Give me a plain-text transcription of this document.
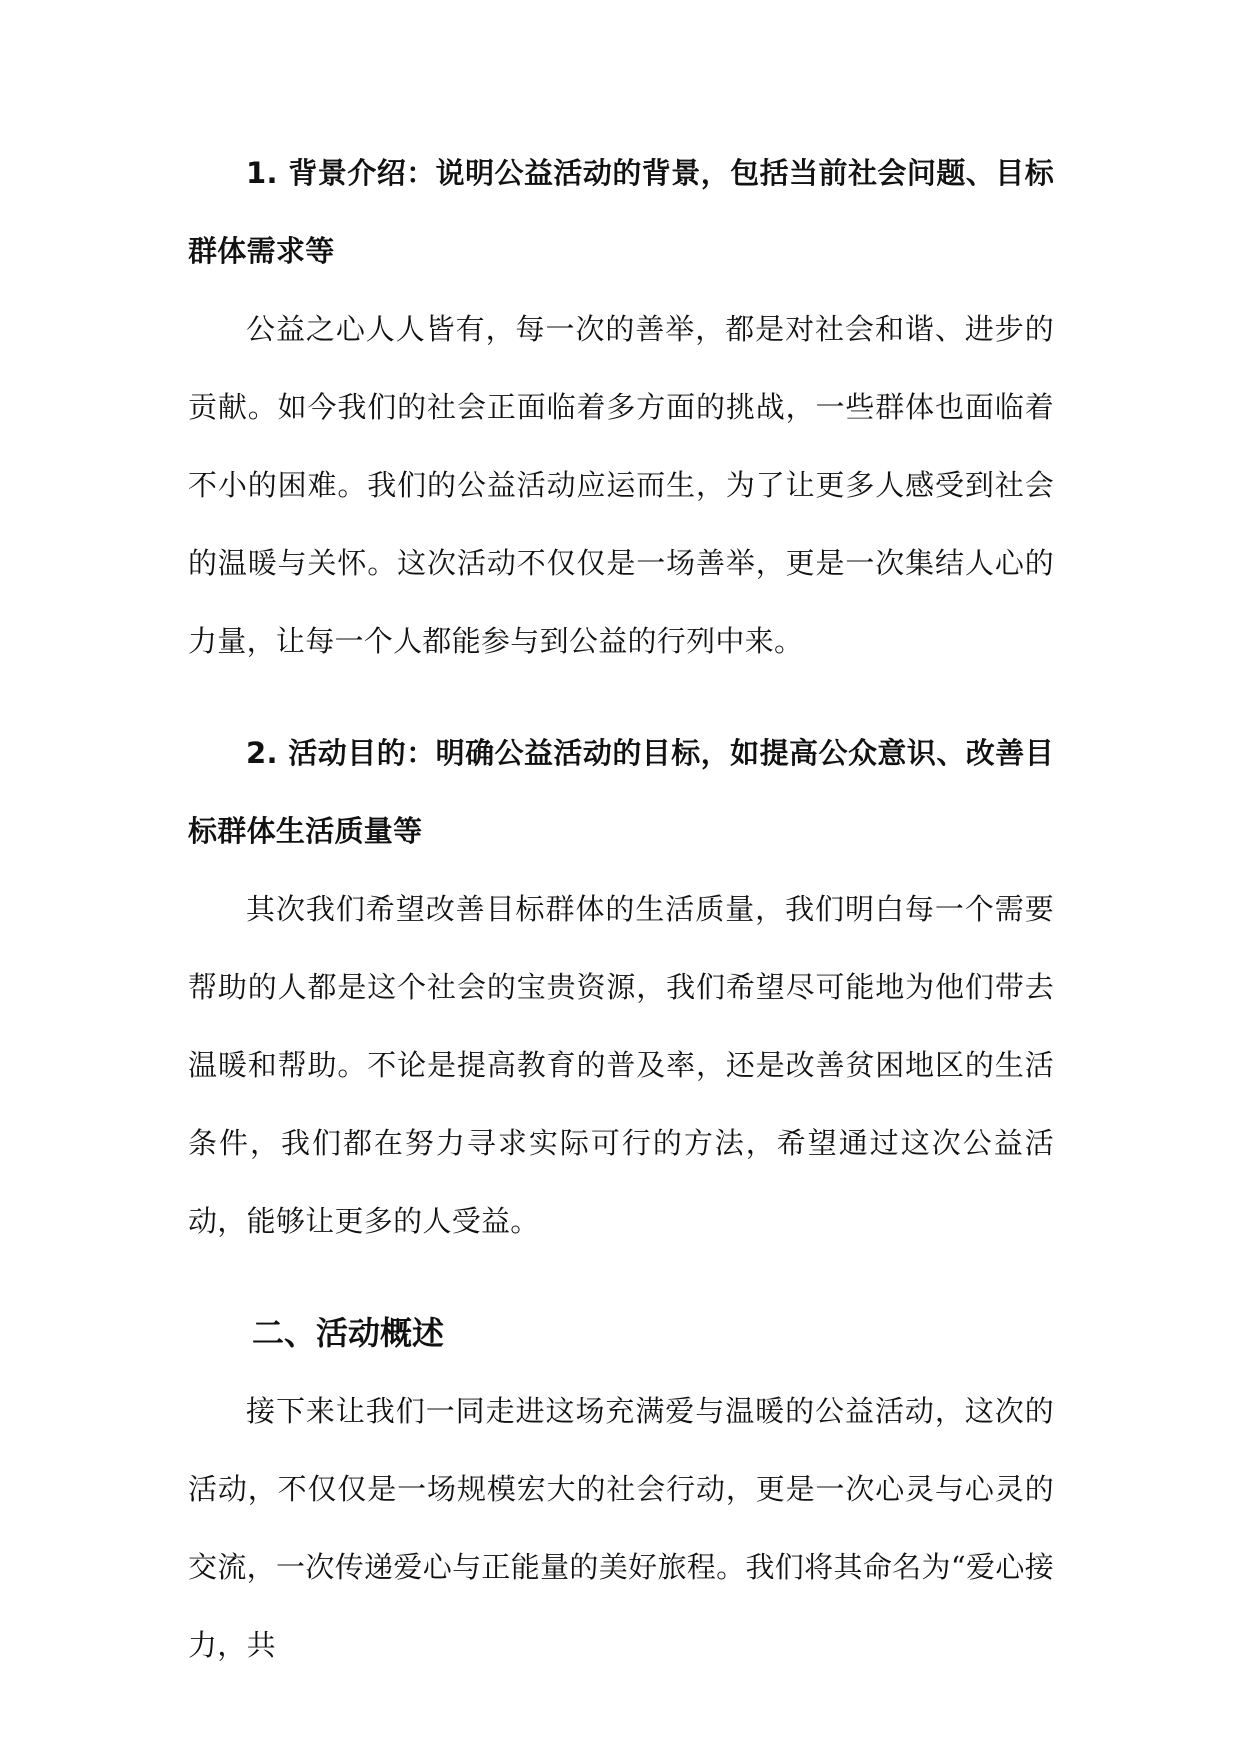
1. 背景介绍：说明公益活动的背景，包括当前社会问题、目标群体需求等

公益之心人人皆有，每一次的善举，都是对社会和谐、进步的贡献。如今我们的社会正面临着多方面的挑战，一些群体也面临着不小的困难。我们的公益活动应运而生，为了让更多人感受到社会的温暖与关怀。这次活动不仅仅是一场善举，更是一次集结人心的力量，让每一个人都能参与到公益的行列中来。

2. 活动目的：明确公益活动的目标，如提高公众意识、改善目标群体生活质量等

其次我们希望改善目标群体的生活质量，我们明白每一个需要帮助的人都是这个社会的宝贵资源，我们希望尽可能地为他们带去温暖和帮助。不论是提高教育的普及率，还是改善贫困地区的生活条件，我们都在努力寻求实际可行的方法，希望通过这次公益活动，能够让更多的人受益。

二、活动概述

接下来让我们一同走进这场充满爱与温暖的公益活动，这次的活动，不仅仅是一场规模宏大的社会行动，更是一次心灵与心灵的交流，一次传递爱心与正能量的美好旅程。我们将其命名为“爱心接力，共
